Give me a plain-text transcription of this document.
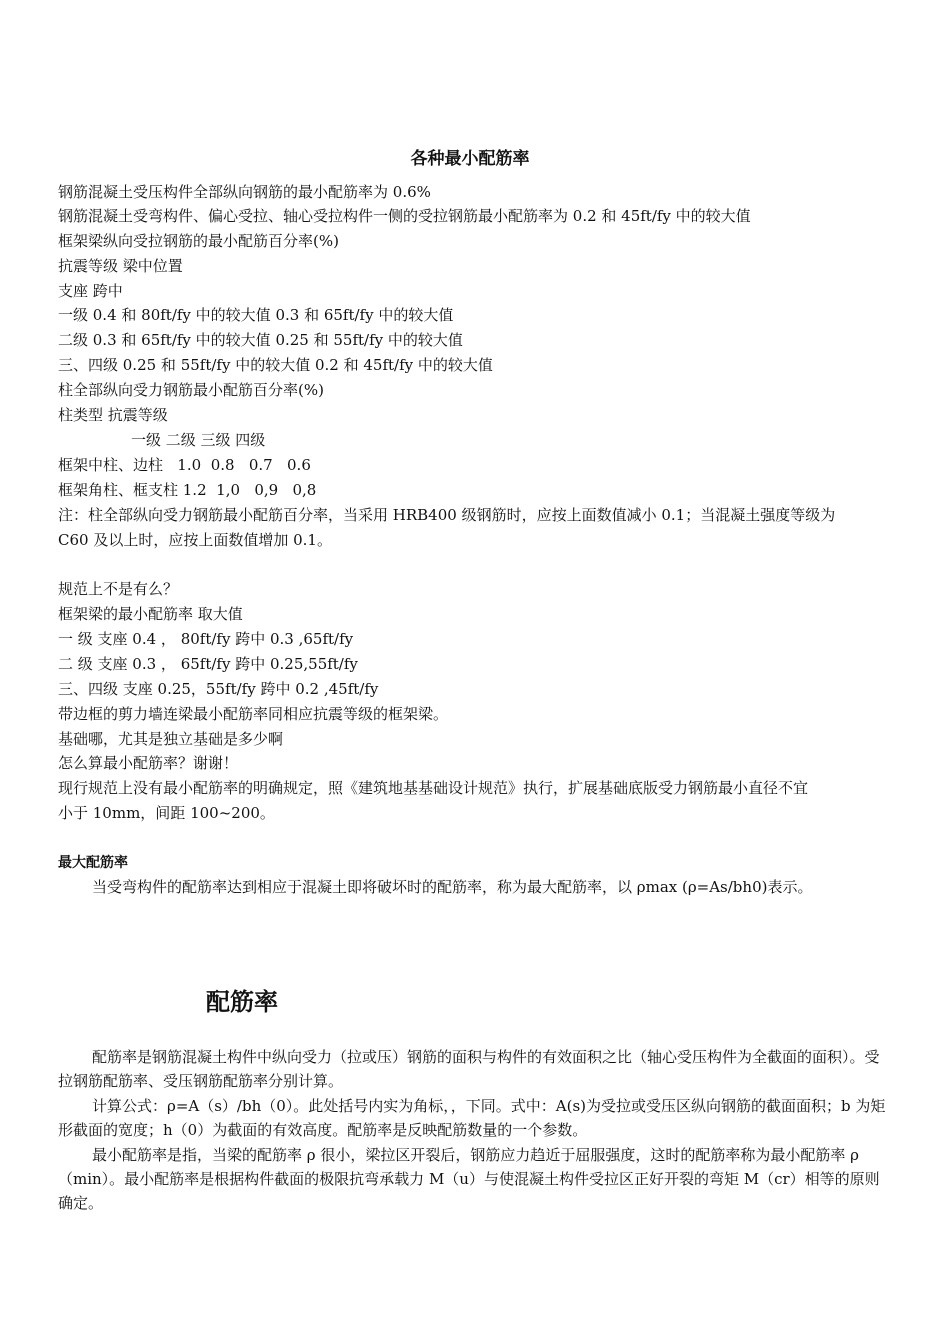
各种最小配筋率
钢筋混凝土受压构件全部纵向钢筋的最小配筋率为 0.6%
钢筋混凝土受弯构件、偏心受拉、轴心受拉构件一侧的受拉钢筋最小配筋率为 0.2 和 45ft/fy 中的较大值
框架梁纵向受拉钢筋的最小配筋百分率(%)
抗震等级 梁中位置
支座 跨中
一级 0.4 和 80ft/fy 中的较大值 0.3 和 65ft/fy 中的较大值
二级 0.3 和 65ft/fy 中的较大值 0.25 和 55ft/fy 中的较大值
三、四级 0.25 和 55ft/fy 中的较大值 0.2 和 45ft/fy 中的较大值
柱全部纵向受力钢筋最小配筋百分率(%)
柱类型 抗震等级
一级 二级 三级 四级
框架中柱、边柱   1.0  0.8   0.7   0.6
框架角柱、框支柱 1.2  1,0   0,9   0,8
注：柱全部纵向受力钢筋最小配筋百分率，当采用 HRB400 级钢筋时，应按上面数值减小 0.1；当混凝土强度等级为
C60 及以上时，应按上面数值增加 0.1。
规范上不是有么？
框架梁的最小配筋率 取大值
一 级 支座 0.4 ， 80ft/fy 跨中 0.3 ,65ft/fy
二 级 支座 0.3 ， 65ft/fy 跨中 0.25,55ft/fy
三、四级 支座 0.25，55ft/fy 跨中 0.2 ,45ft/fy
带边框的剪力墙连梁最小配筋率同相应抗震等级的框架梁。
基础哪，尤其是独立基础是多少啊
怎么算最小配筋率？谢谢！
现行规范上没有最小配筋率的明确规定，照《建筑地基基础设计规范》执行，扩展基础底版受力钢筋最小直径不宜
小于 10mm，间距 100~200。
最大配筋率
当受弯构件的配筋率达到相应于混凝土即将破坏时的配筋率，称为最大配筋率，以 ρmax (ρ=As/bh0)表示。
配筋率
配筋率是钢筋混凝土构件中纵向受力（拉或压）钢筋的面积与构件的有效面积之比（轴心受压构件为全截面的面积）。受拉钢筋配筋率、受压钢筋配筋率分别计算。
计算公式：ρ=A（s）/bh（0）。此处括号内实为角标，，下同。式中：A(s)为受拉或受压区纵向钢筋的截面面积；b 为矩形截面的宽度；h（0）为截面的有效高度。配筋率是反映配筋数量的一个参数。
最小配筋率是指，当梁的配筋率 ρ 很小，梁拉区开裂后，钢筋应力趋近于屈服强度，这时的配筋率称为最小配筋率 ρ（min）。最小配筋率是根据构件截面的极限抗弯承载力 M（u）与使混凝土构件受拉区正好开裂的弯矩 M（cr）相等的原则确定。
